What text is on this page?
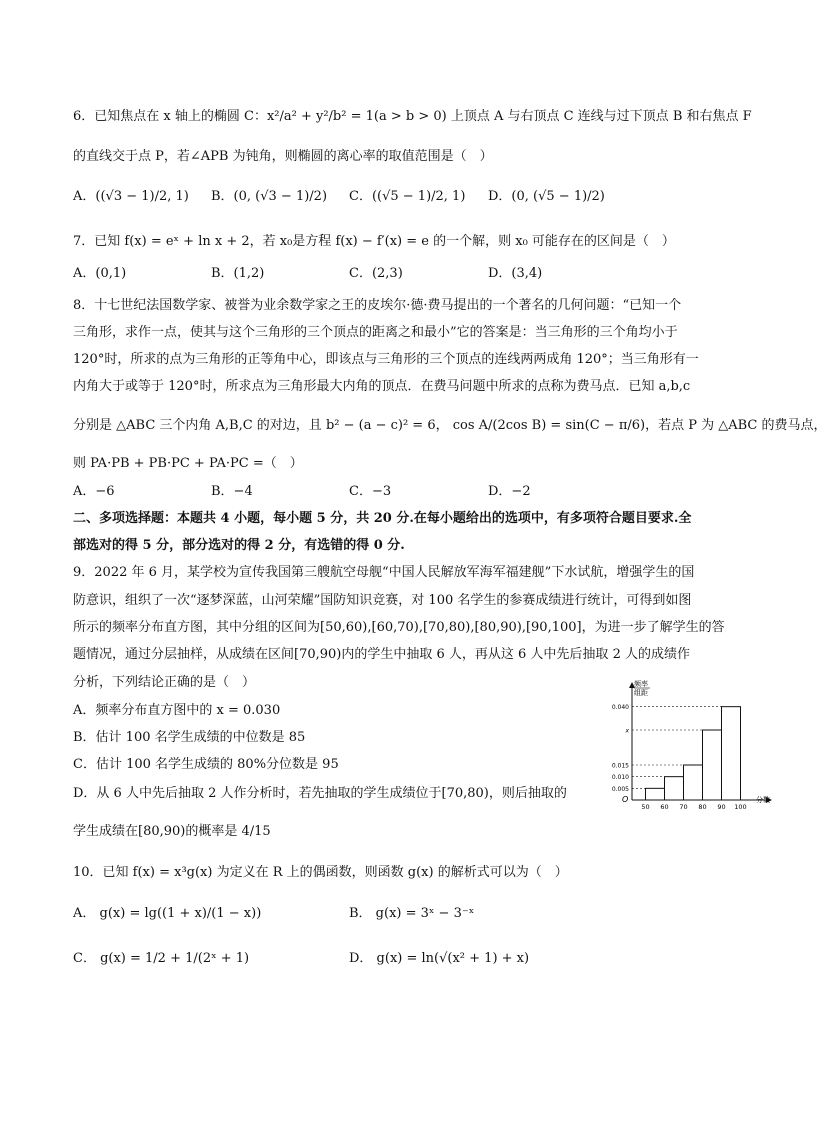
6．已知焦点在 x 轴上的椭圆 C：x²/a² + y²/b² = 1(a > b > 0) 上顶点 A 与右顶点 C 连线与过下顶点 B 和右焦点 F
的直线交于点 P，若∠APB 为钝角，则椭圆的离心率的取值范围是（　）
A．((√3 − 1)/2, 1) B．(0, (√3 − 1)/2) C．((√5 − 1)/2, 1) D．(0, (√5 − 1)/2)
7．已知 f(x) = eˣ + ln x + 2，若 x₀是方程 f(x) − f′(x) = e 的一个解，则 x₀ 可能存在的区间是（　）
A．(0,1)	B．(1,2)	C．(2,3)	D．(3,4)
8．十七世纪法国数学家、被誉为业余数学家之王的皮埃尔·德·费马提出的一个著名的几何问题：“已知一个
三角形，求作一点，使其与这个三角形的三个顶点的距离之和最小”它的答案是：当三角形的三个角均小于
120°时，所求的点为三角形的正等角中心，即该点与三角形的三个顶点的连线两两成角 120°；当三角形有一
内角大于或等于 120°时，所求点为三角形最大内角的顶点．在费马问题中所求的点称为费马点．已知 a,b,c
分别是 △ABC 三个内角 A,B,C 的对边，且 b² − (a − c)² = 6， cos A/(2cos B) = sin(C − π/6)，若点 P 为 △ABC 的费马点，
则 PA·PB + PB·PC + PA·PC =（　）
A．−6	B．−4	C．−3	D．−2
二、多项选择题：本题共 4 小题，每小题 5 分，共 20 分.在每小题给出的选项中，有多项符合题目要求.全
部选对的得 5 分，部分选对的得 2 分，有选错的得 0 分.
9．2022 年 6 月，某学校为宣传我国第三艘航空母舰“中国人民解放军海军福建舰”下水试航，增强学生的国
防意识，组织了一次“逐梦深蓝，山河荣耀”国防知识竞赛，对 100 名学生的参赛成绩进行统计，可得到如图
所示的频率分布直方图，其中分组的区间为[50,60),[60,70),[70,80),[80,90),[90,100]，为进一步了解学生的答
题情况，通过分层抽样，从成绩在区间[70,90)内的学生中抽取 6 人，再从这 6 人中先后抽取 2 人的成绩作
分析，下列结论正确的是（　）
A．频率分布直方图中的 x = 0.030
B．估计 100 名学生成绩的中位数是 85
C．估计 100 名学生成绩的 80%分位数是 95
D．从 6 人中先后抽取 2 人作分析时，若先抽取的学生成绩位于[70,80)，则后抽取的
学生成绩在[80,90)的概率是 4/15
频率
组距
O	分数
0.040
x
0.015
0.010
0.005
50 60 70 80 90 100
10．已知 f(x) = x³g(x) 为定义在 R 上的偶函数，则函数 g(x) 的解析式可以为（　）
A． g(x) = lg((1 + x)/(1 − x))	B． g(x) = 3ˣ − 3⁻ˣ
C． g(x) = 1/2 + 1/(2ˣ + 1)	D． g(x) = ln(√(x² + 1) + x)
